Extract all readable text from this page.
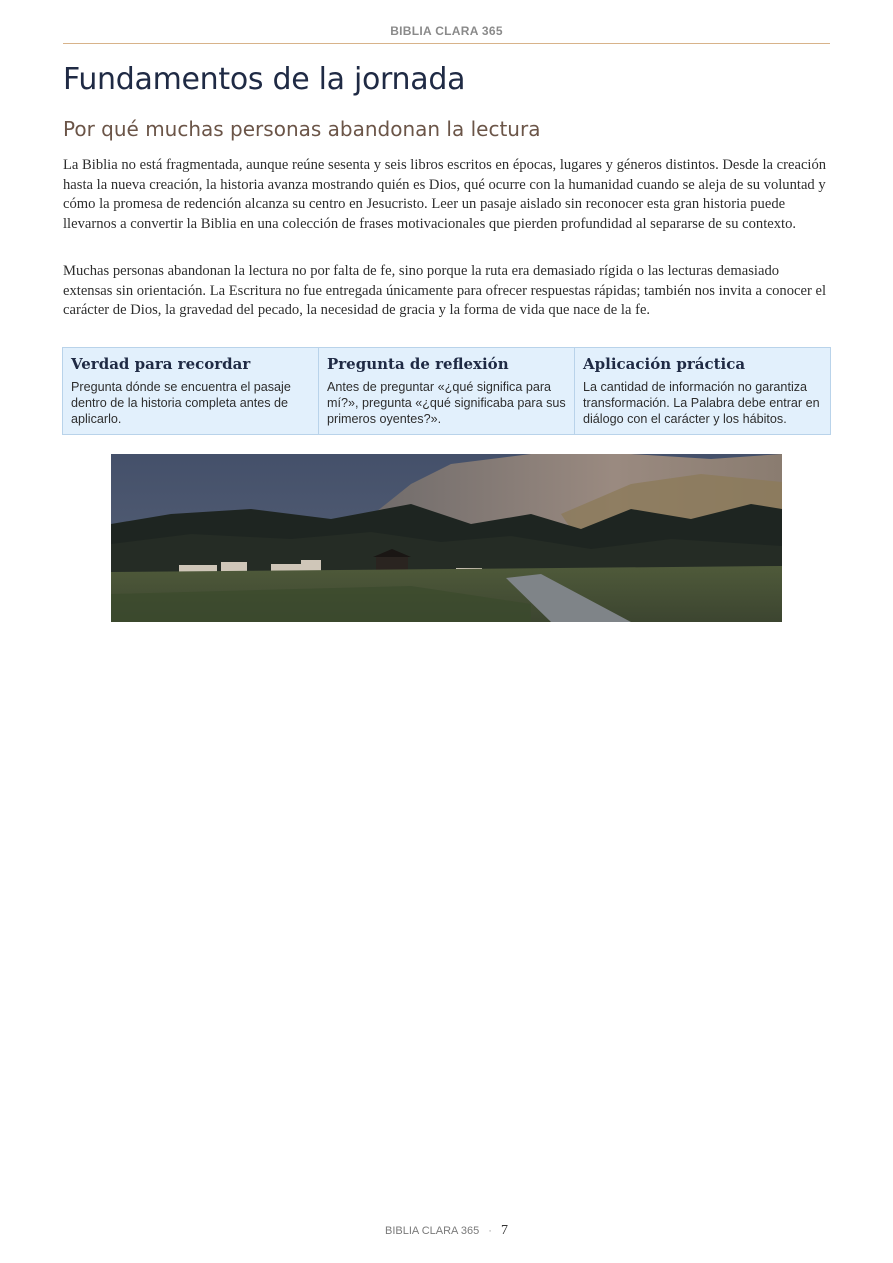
BIBLIA CLARA 365
Fundamentos de la jornada
Por qué muchas personas abandonan la lectura

La Biblia no está fragmentada, aunque reúne sesenta y seis libros escritos en épocas, lugares y géneros distintos. Desde la creación hasta la nueva creación, la historia avanza mostrando quién es Dios, qué ocurre con la humanidad cuando se aleja de su voluntad y cómo la promesa de redención alcanza su centro en Jesucristo. Leer un pasaje aislado sin reconocer esta gran historia puede llevarnos a convertir la Biblia en una colección de frases motivacionales que pierden profundidad al separarse de su contexto.

Muchas personas abandonan la lectura no por falta de fe, sino porque la ruta era demasiado rígida o las lecturas demasiado extensas sin orientación. La Escritura no fue entregada únicamente para ofrecer respuestas rápidas; también nos invita a conocer el carácter de Dios, la gravedad del pecado, la necesidad de gracia y la forma de vida que nace de la fe.

Verdad para recordar
Pregunta dónde se encuentra el pasaje dentro de la historia completa antes de aplicarlo.
Pregunta de reflexión
Antes de preguntar «¿qué significa para mí?», pregunta «¿qué significaba para sus primeros oyentes?».
Aplicación práctica
La cantidad de información no garantiza transformación. La Palabra debe entrar en diálogo con el carácter y los hábitos.
BIBLIA CLARA 365 · 7
